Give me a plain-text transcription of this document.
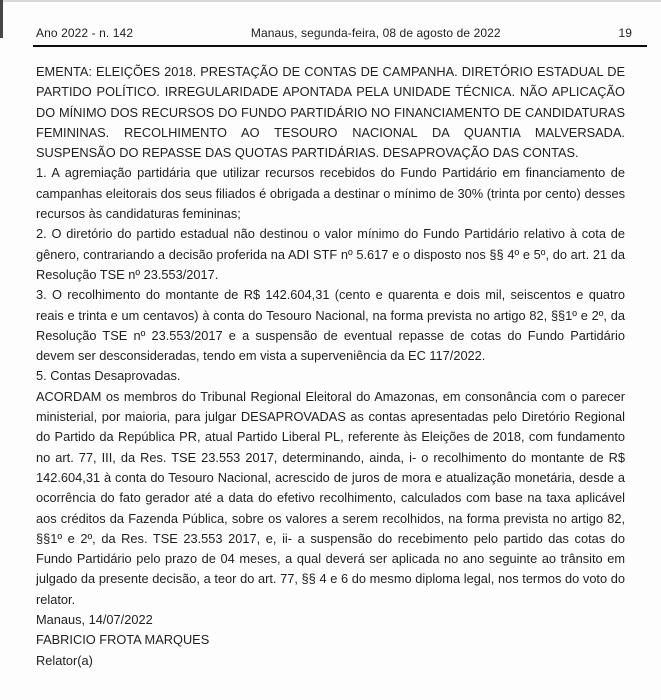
Ano 2022 - n. 142	Manaus, segunda-feira, 08 de agosto de 2022	19

EMENTA: ELEIÇÕES 2018. PRESTAÇÃO DE CONTAS DE CAMPANHA. DIRETÓRIO ESTADUAL DE PARTIDO POLÍTICO. IRREGULARIDADE APONTADA PELA UNIDADE TÉCNICA. NÃO APLICAÇÃO DO MÍNIMO DOS RECURSOS DO FUNDO PARTIDÁRIO NO FINANCIAMENTO DE CANDIDATURAS FEMININAS. RECOLHIMENTO AO TESOURO NACIONAL DA QUANTIA MALVERSADA. SUSPENSÃO DO REPASSE DAS QUOTAS PARTIDÁRIAS. DESAPROVAÇÃO DAS CONTAS.

1. A agremiação partidária que utilizar recursos recebidos do Fundo Partidário em financiamento de campanhas eleitorais dos seus filiados é obrigada a destinar o mínimo de 30% (trinta por cento) desses recursos às candidaturas femininas;

2. O diretório do partido estadual não destinou o valor mínimo do Fundo Partidário relativo à cota de gênero, contrariando a decisão proferida na ADI STF nº 5.617 e o disposto nos §§ 4º e 5º, do art. 21 da Resolução TSE nº 23.553/2017.

3. O recolhimento do montante de R$ 142.604,31 (cento e quarenta e dois mil, seiscentos e quatro reais e trinta e um centavos) à conta do Tesouro Nacional, na forma prevista no artigo 82, §§1º e 2º, da Resolução TSE nº 23.553/2017 e a suspensão de eventual repasse de cotas do Fundo Partidário devem ser desconsideradas, tendo em vista a superveniência da EC 117/2022.

5. Contas Desaprovadas.

ACORDAM os membros do Tribunal Regional Eleitoral do Amazonas, em consonância com o parecer ministerial, por maioria, para julgar DESAPROVADAS as contas apresentadas pelo Diretório Regional do Partido da República PR, atual Partido Liberal PL, referente às Eleições de 2018, com fundamento no art. 77, III, da Res. TSE 23.553 2017, determinando, ainda, i- o recolhimento do montante de R$ 142.604,31 à conta do Tesouro Nacional, acrescido de juros de mora e atualização monetária, desde a ocorrência do fato gerador até a data do efetivo recolhimento, calculados com base na taxa aplicável aos créditos da Fazenda Pública, sobre os valores a serem recolhidos, na forma prevista no artigo 82, §§1º e 2º, da Res. TSE 23.553 2017, e, ii- a suspensão do recebimento pelo partido das cotas do Fundo Partidário pelo prazo de 04 meses, a qual deverá ser aplicada no ano seguinte ao trânsito em julgado da presente decisão, a teor do art. 77, §§ 4 e 6 do mesmo diploma legal, nos termos do voto do relator.

Manaus, 14/07/2022

FABRICIO FROTA MARQUES

Relator(a)
